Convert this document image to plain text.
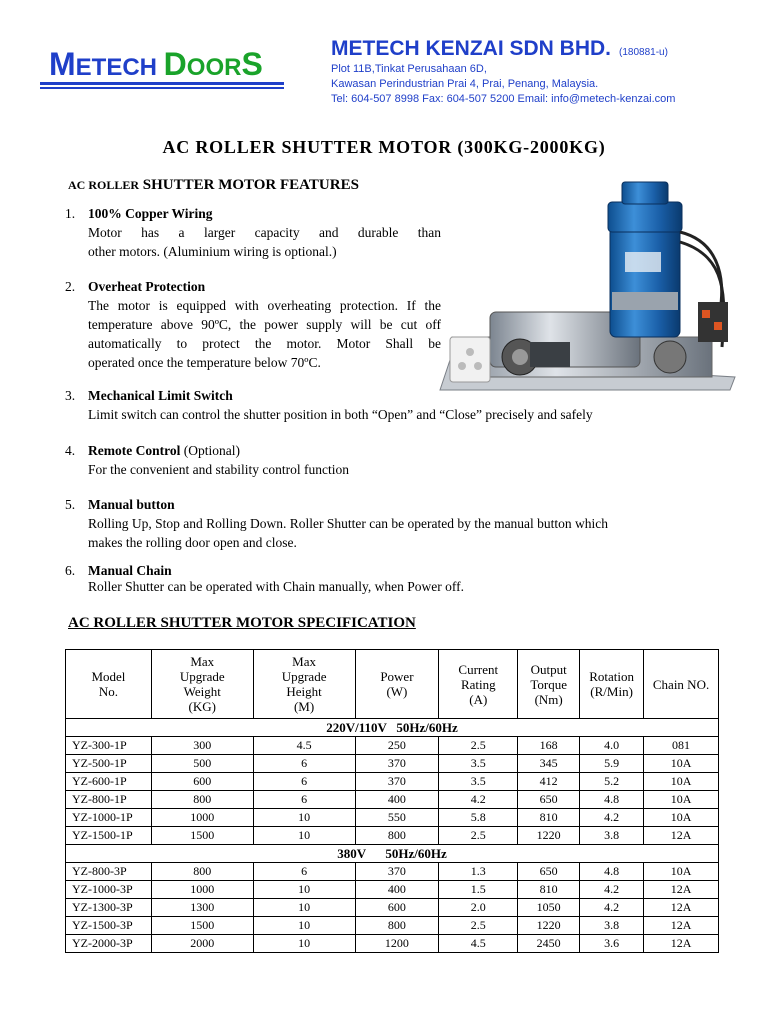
METECH DOORS	METECH KENZAI SDN BHD. (180881-u)
Plot 11B,Tinkat Perusahaan 6D,
Kawasan Perindustrian Prai 4, Prai, Penang, Malaysia.
Tel: 604-507 8998 Fax: 604-507 5200 Email: info@metech-kenzai.com
AC ROLLER SHUTTER MOTOR (300KG-2000KG)
AC ROLLER SHUTTER MOTOR FEATURES
1. 100% Copper Wiring
Motor has a larger capacity and durable than
other motors. (Aluminium wiring is optional.)
2. Overheat Protection
The motor is equipped with overheating protection. If the
temperature above 90ºC, the power supply will be cut off
automatically to protect the motor. Motor Shall be
operated once the temperature below 70ºC.
3. Mechanical Limit Switch
Limit switch can control the shutter position in both “Open” and “Close” precisely and safely
4. Remote Control (Optional)
For the convenient and stability control function
5. Manual button
Rolling Up, Stop and Rolling Down. Roller Shutter can be operated by the manual button which
makes the rolling door open and close.
6. Manual Chain
Roller Shutter can be operated with Chain manually, when Power off.
AC ROLLER SHUTTER MOTOR SPECIFICATION
Model
No.	Max
Upgrade
Weight
(KG)	Max
Upgrade
Height
(M)	Power
(W)	Current
Rating
(A)	Output
Torque
(Nm)	Rotation
(R/Min)	Chain NO.
220V/110V   50Hz/60Hz							
YZ-300-1P	300	4.5	250	2.5	168	4.0	081
YZ-500-1P	500	6	370	3.5	345	5.9	10A
YZ-600-1P	600	6	370	3.5	412	5.2	10A
YZ-800-1P	800	6	400	4.2	650	4.8	10A
YZ-1000-1P	1000	10	550	5.8	810	4.2	10A
YZ-1500-1P	1500	10	800	2.5	1220	3.8	12A
380V      50Hz/60Hz							
YZ-800-3P	800	6	370	1.3	650	4.8	10A
YZ-1000-3P	1000	10	400	1.5	810	4.2	12A
YZ-1300-3P	1300	10	600	2.0	1050	4.2	12A
YZ-1500-3P	1500	10	800	2.5	1220	3.8	12A
YZ-2000-3P	2000	10	1200	4.5	2450	3.6	12A
